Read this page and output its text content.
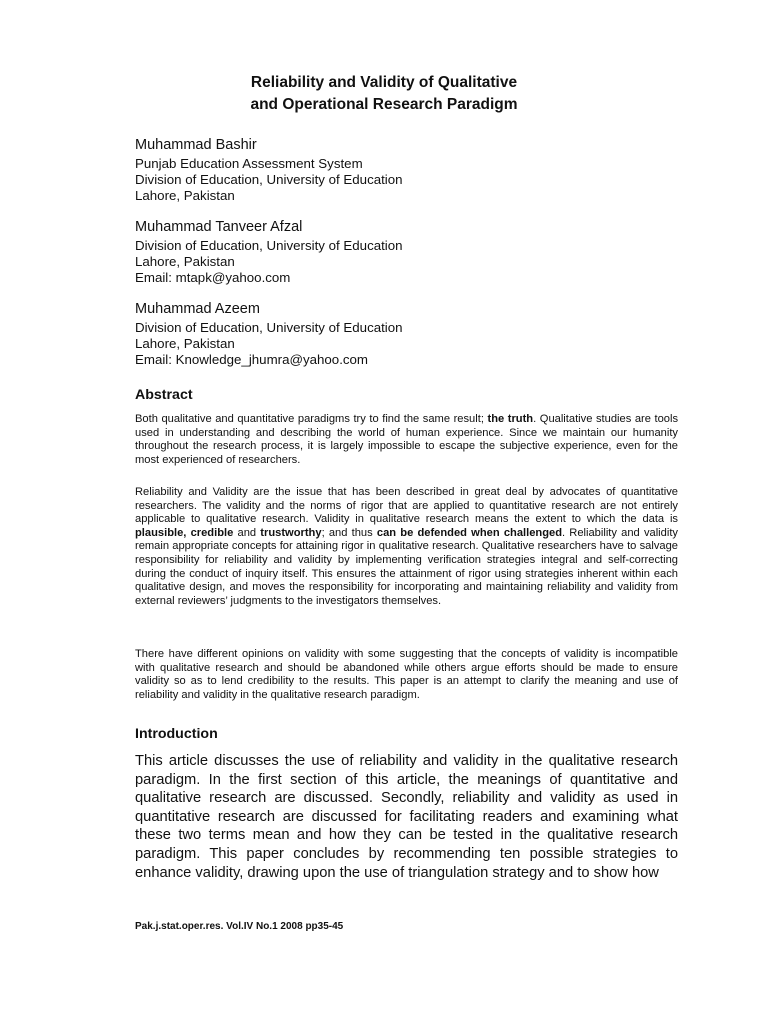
Reliability and Validity of Qualitative
and Operational Research Paradigm

Muhammad Bashir

Punjab Education Assessment System

Division of Education, University of Education

Lahore, Pakistan

Muhammad Tanveer Afzal

Division of Education, University of Education

Lahore, Pakistan

Email: mtapk@yahoo.com

Muhammad Azeem

Division of Education, University of Education

Lahore, Pakistan

Email: Knowledge_jhumra@yahoo.com

Abstract

Both qualitative and quantitative paradigms try to find the same result; the truth. Qualitative studies are tools used in understanding and describing the world of human experience. Since we maintain our humanity throughout the research process, it is largely impossible to escape the subjective experience, even for the most experienced of researchers.

Reliability and Validity are the issue that has been described in great deal by advocates of quantitative researchers. The validity and the norms of rigor that are applied to quantitative research are not entirely applicable to qualitative research. Validity in qualitative research means the extent to which the data is plausible, credible and trustworthy; and thus can be defended when challenged. Reliability and validity remain appropriate concepts for attaining rigor in qualitative research. Qualitative researchers have to salvage responsibility for reliability and validity by implementing verification strategies integral and self-correcting during the conduct of inquiry itself. This ensures the attainment of rigor using strategies inherent within each qualitative design, and moves the responsibility for incorporating and maintaining reliability and validity from external reviewers’ judgments to the investigators themselves.

There have different opinions on validity with some suggesting that the concepts of validity is incompatible with qualitative research and should be abandoned while others argue efforts should be made to ensure validity so as to lend credibility to the results. This paper is an attempt to clarify the meaning and use of reliability and validity in the qualitative research paradigm.

Introduction

This article discusses the use of reliability and validity in the qualitative research paradigm. In the first section of this article, the meanings of quantitative and qualitative research are discussed. Secondly, reliability and validity as used in quantitative research are discussed for facilitating readers and examining what these two terms mean and how they can be tested in the qualitative research paradigm. This paper concludes by recommending ten possible strategies to enhance validity, drawing upon the use of triangulation strategy and to show how

Pak.j.stat.oper.res. Vol.IV No.1 2008 pp35-45
